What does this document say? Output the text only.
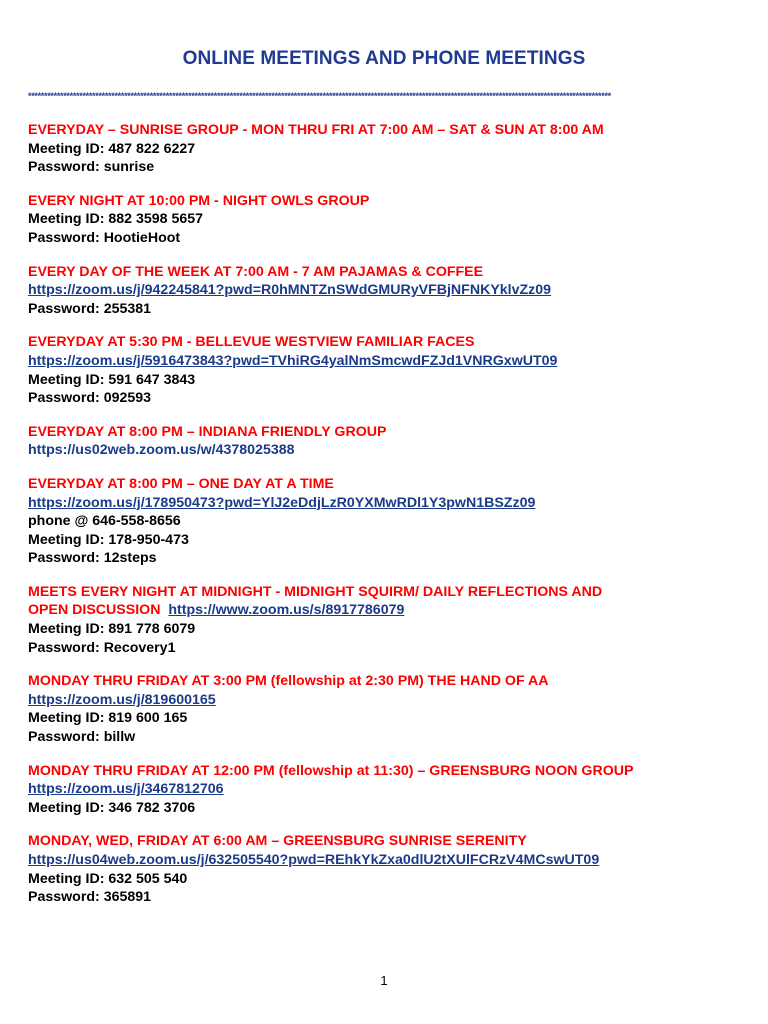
ONLINE MEETINGS AND PHONE MEETINGS
**************************************************************************************************************************************************************************************
EVERYDAY – SUNRISE GROUP - MON THRU FRI AT 7:00 AM – SAT & SUN AT 8:00 AM
Meeting ID: 487 822 6227
Password: sunrise
EVERY NIGHT AT 10:00 PM - NIGHT OWLS GROUP
Meeting ID: 882 3598 5657
Password: HootieHoot
EVERY DAY OF THE WEEK AT 7:00 AM - 7 AM PAJAMAS & COFFEE
https://zoom.us/j/942245841?pwd=R0hMNTZnSWdGMURyVFBjNFNKYklvZz09
Password: 255381
EVERYDAY AT 5:30 PM - BELLEVUE WESTVIEW FAMILIAR FACES
https://zoom.us/j/5916473843?pwd=TVhiRG4yalNmSmcwdFZJd1VNRGxwUT09
Meeting ID: 591 647 3843
Password: 092593
EVERYDAY AT 8:00 PM – INDIANA FRIENDLY GROUP
https://us02web.zoom.us/w/4378025388
EVERYDAY AT 8:00 PM – ONE DAY AT A TIME
https://zoom.us/j/178950473?pwd=YlJ2eDdjLzR0YXMwRDl1Y3pwN1BSZz09
phone @ 646-558-8656
Meeting ID: 178-950-473
Password: 12steps
MEETS EVERY NIGHT AT MIDNIGHT - MIDNIGHT SQUIRM/ DAILY REFLECTIONS AND
OPEN DISCUSSION https://www.zoom.us/s/8917786079
Meeting ID: 891 778 6079
Password: Recovery1
MONDAY THRU FRIDAY AT 3:00 PM (fellowship at 2:30 PM) THE HAND OF AA
https://zoom.us/j/819600165
Meeting ID: 819 600 165
Password: billw
MONDAY THRU FRIDAY AT 12:00 PM (fellowship at 11:30) – GREENSBURG NOON GROUP
https://zoom.us/j/3467812706
Meeting ID: 346 782 3706
MONDAY, WED, FRIDAY AT 6:00 AM – GREENSBURG SUNRISE SERENITY
https://us04web.zoom.us/j/632505540?pwd=REhkYkZxa0dlU2tXUlFCRzV4MCswUT09
Meeting ID: 632 505 540
Password: 365891
1
